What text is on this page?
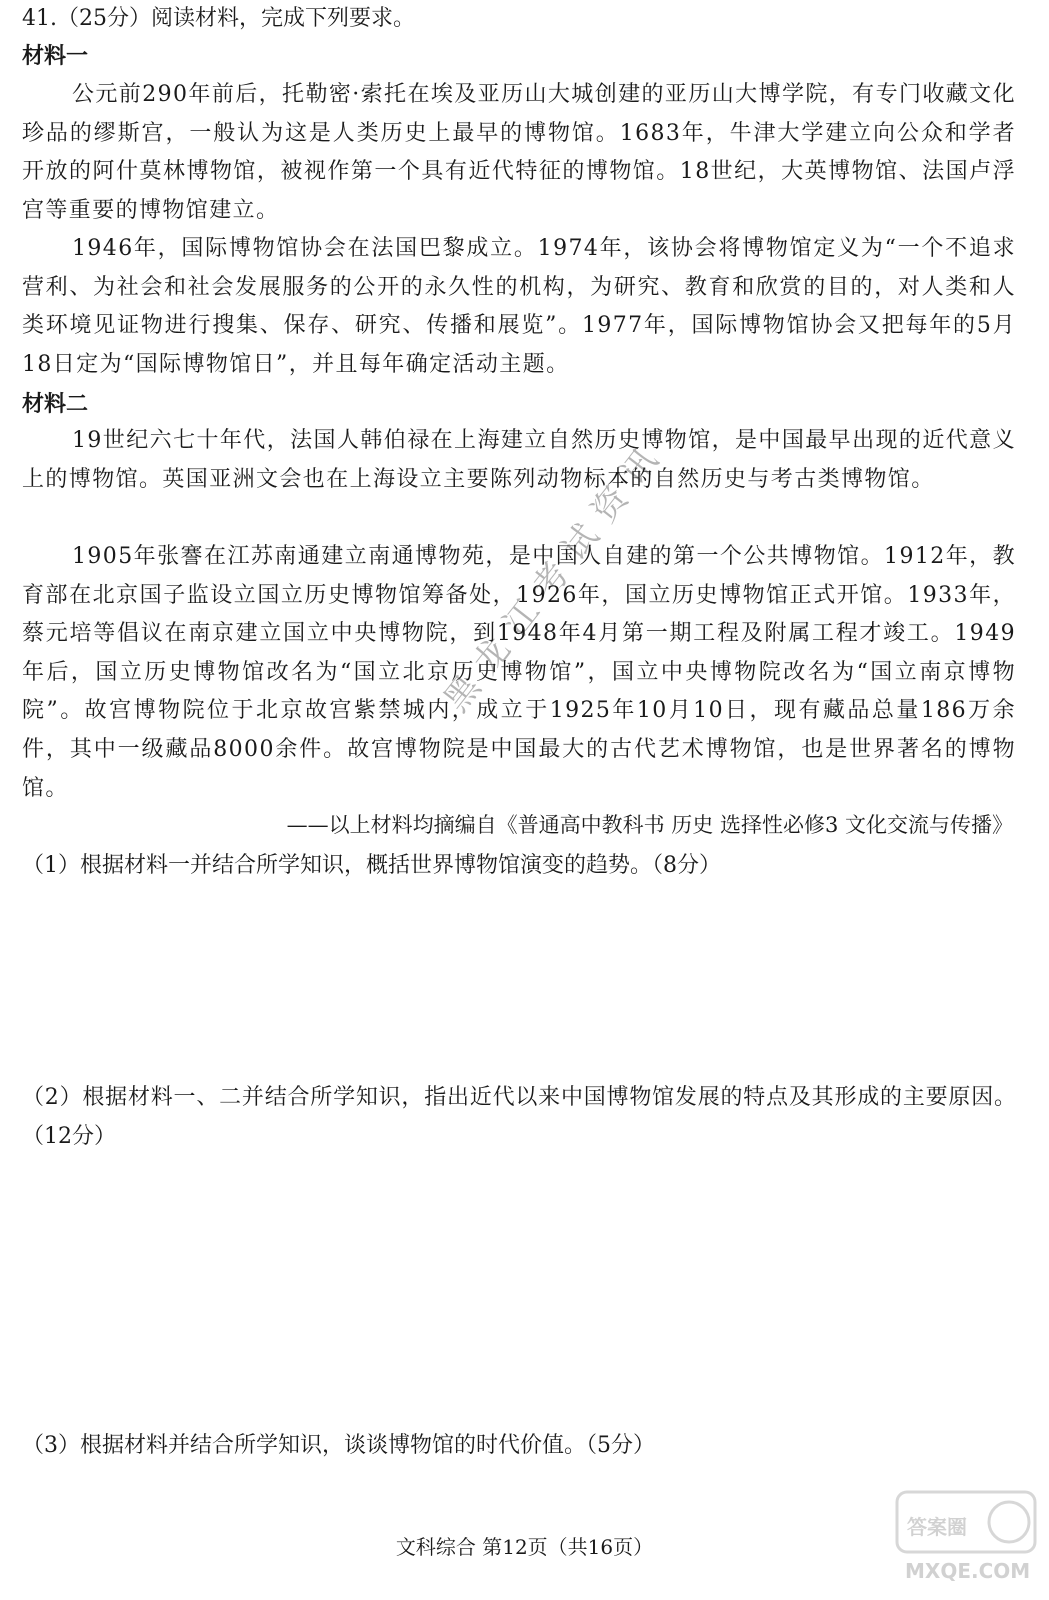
41.（25分）阅读材料，完成下列要求。
材料一
公元前290年前后，托勒密·索托在埃及亚历山大城创建的亚历山大博学院，有专门收藏文化珍品的缪斯宫，一般认为这是人类历史上最早的博物馆。1683年，牛津大学建立向公众和学者开放的阿什莫林博物馆，被视作第一个具有近代特征的博物馆。18世纪，大英博物馆、法国卢浮宫等重要的博物馆建立。
1946年，国际博物馆协会在法国巴黎成立。1974年，该协会将博物馆定义为“一个不追求营利、为社会和社会发展服务的公开的永久性的机构，为研究、教育和欣赏的目的，对人类和人类环境见证物进行搜集、保存、研究、传播和展览”。1977年，国际博物馆协会又把每年的5月18日定为“国际博物馆日”，并且每年确定活动主题。
材料二
19世纪六七十年代，法国人韩伯禄在上海建立自然历史博物馆，是中国最早出现的近代意义上的博物馆。英国亚洲文会也在上海设立主要陈列动物标本的自然历史与考古类博物馆。
1905年张謇在江苏南通建立南通博物苑，是中国人自建的第一个公共博物馆。1912年，教育部在北京国子监设立国立历史博物馆筹备处，1926年，国立历史博物馆正式开馆。1933年，蔡元培等倡议在南京建立国立中央博物院，到1948年4月第一期工程及附属工程才竣工。1949年后，国立历史博物馆改名为“国立北京历史博物馆”，国立中央博物院改名为“国立南京博物院”。故宫博物院位于北京故宫紫禁城内，成立于1925年10月10日，现有藏品总量186万余件，其中一级藏品8000余件。故宫博物院是中国最大的古代艺术博物馆，也是世界著名的博物馆。
——以上材料均摘编自《普通高中教科书 历史 选择性必修3 文化交流与传播》
（1）根据材料一并结合所学知识，概括世界博物馆演变的趋势。（8分）
（2）根据材料一、二并结合所学知识，指出近代以来中国博物馆发展的特点及其形成的主要原因。（12分）
（3）根据材料并结合所学知识，谈谈博物馆的时代价值。（5分）
文科综合 第12页（共16页）
黑龙江考试资讯
答案圈
MXQE.COM
